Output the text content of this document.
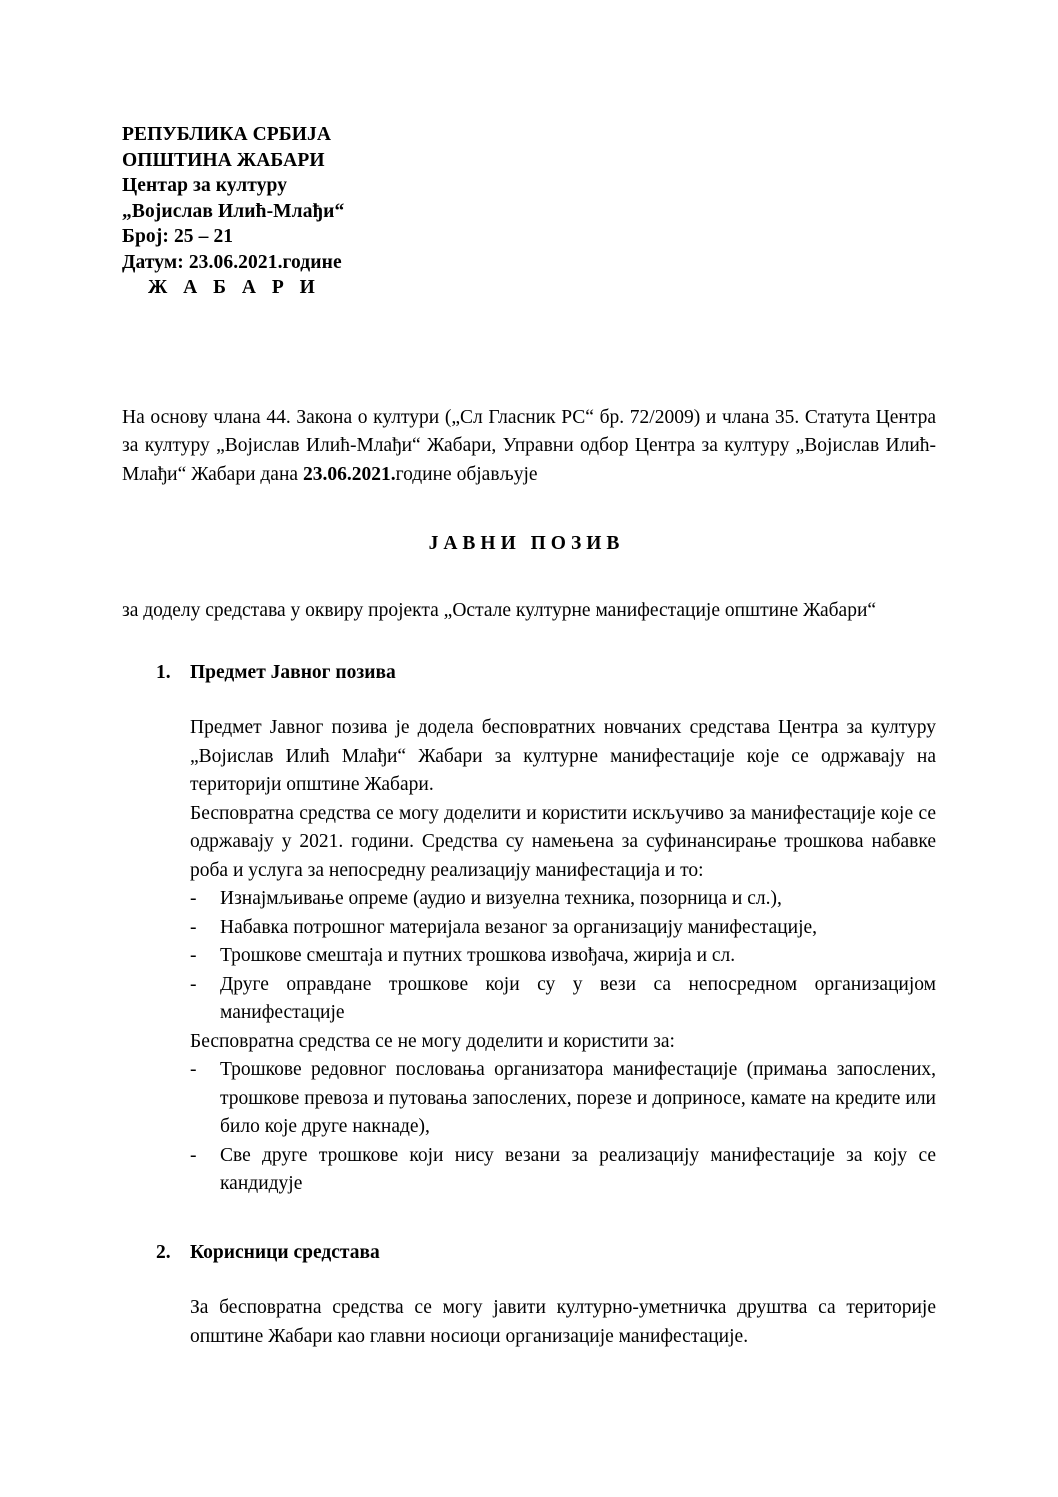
РЕПУБЛИКА СРБИЈА
ОПШТИНА ЖАБАРИ
Центар за културу
„Војислав Илић-Млађи“
Број: 25 – 21
Датум: 23.06.2021.године
Ж А Б А Р И

На основу члана 44. Закона о култури („Сл Гласник РС“ бр. 72/2009) и члана 35. Статута Центра за културу „Војислав Илић-Млађи“ Жабари, Управни одбор Центра за културу „Војислав Илић-Млађи“ Жабари дана 23.06.2021.године објављује

ЈАВНИ ПОЗИВ

за доделу средстава у оквиру пројекта „Остале културне манифестације општине Жабари“

1. Предмет Јавног позива

Предмет Јавног позива је додела бесповратних новчаних средстава Центра за културу „Војислав Илић Млађи“ Жабари за културне манифестације које се одржавају на територији општине Жабари.

Бесповратна средства се могу доделити и користити искључиво за манифестације које се одржавају у 2021. години. Средства су намењена за суфинансирање трошкова набавке роба и услуга за непосредну реализацију манифестација и то:

- Изнајмљивање опреме (аудио и визуелна техника, позорница и сл.),
- Набавка потрошног материјала везаног за организацију манифестације,
- Трошкове смештаја и путних трошкова извођача, жирија и сл.
- Друге оправдане трошкове који су у вези са непосредном организацијом манифестације

Бесповратна средства се не могу доделити и користити за:

- Трошкове редовног пословања организатора манифестације (примања запослених, трошкове превоза и путовања запослених, порезе и доприносе, камате на кредите или било које друге накнаде),
- Све друге трошкове који нису везани за реализацију манифестације за коју се кандидује
2. Корисници средстава

За бесповратна средства се могу јавити културно-уметничка друштва са територије општине Жабари као главни носиоци организације манифестације.
